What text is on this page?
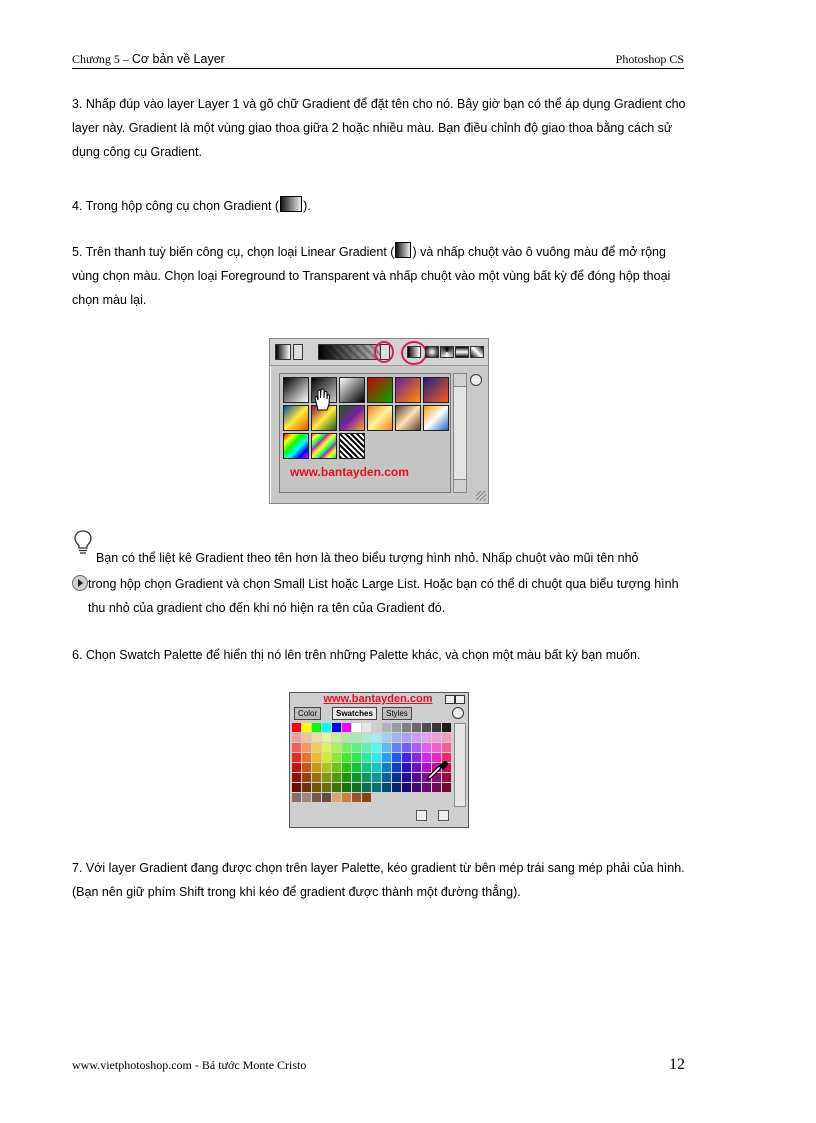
Chương 5 – Cơ bản về Layer	Photoshop CS
3. Nhấp đúp vào layer Layer 1 và gõ chữ Gradient để đặt tên cho nó. Bây giờ bạn có thể áp dụng Gradient cho layer này. Gradient là một vùng giao thoa giữa 2 hoặc nhiều màu. Bạn điều chỉnh độ giao thoa bằng cách sử dụng công cụ Gradient.
4. Trong hộp công cụ chọn Gradient ( ).
5. Trên thanh tuỳ biến công cụ, chọn loại Linear Gradient ( ) và nhấp chuột vào ô vuông màu để mở rộng vùng chọn màu. Chọn loại Foreground to Transparent và nhấp chuột vào một vùng bất kỳ để đóng hộp thoại chọn màu lại.
www.bantayden.com
Bạn có thể liệt kê Gradient theo tên hơn là theo biểu tượng hình nhỏ. Nhấp chuột vào mũi tên nhỏ
trong hộp chọn Gradient và chọn Small List hoặc Large List. Hoặc bạn có thể di chuột qua biểu tượng hình thu nhỏ của gradient cho đến khi nó hiện ra tên của Gradient đó.
6. Chọn Swatch Palette để hiển thị nó lên trên những Palette khác, và chọn một màu bất kỳ bạn muốn.
www.bantayden.com
Color	Swatches	Styles
7. Với layer Gradient đang được chọn trên layer Palette, kéo gradient từ bên mép trái sang mép phải của hình. (Bạn nên giữ phím Shift trong khi kéo để gradient được thành một đường thẳng).
www.vietphotoshop.com - Bá tước Monte Cristo	12
